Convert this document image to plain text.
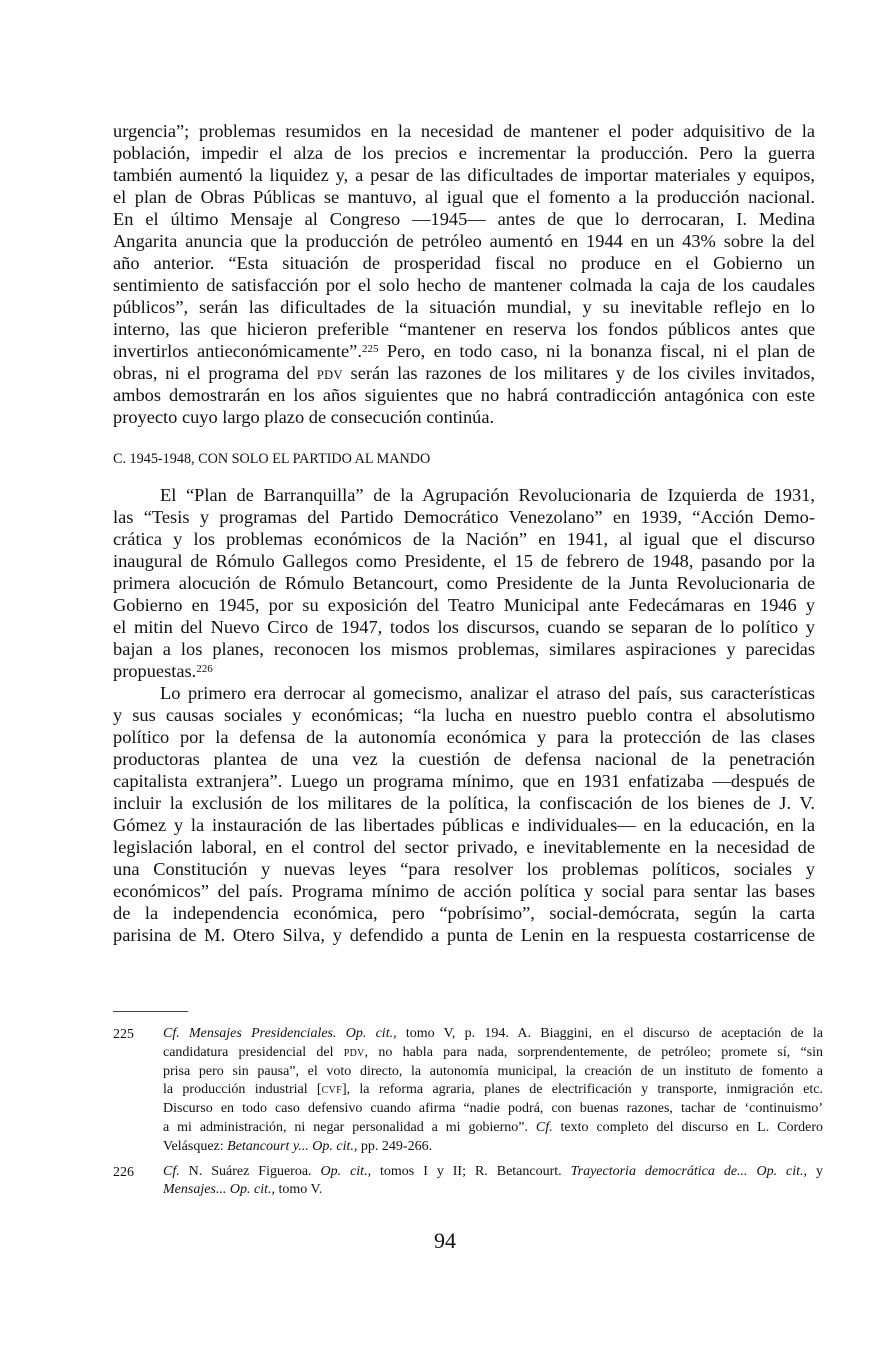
urgencia”; problemas resumidos en la necesidad de mantener el poder adquisitivo de la
población, impedir el alza de los precios e incrementar la producción. Pero la guerra
también aumentó la liquidez y, a pesar de las dificultades de importar materiales y equipos,
el plan de Obras Públicas se mantuvo, al igual que el fomento a la producción nacional.
En el último Mensaje al Congreso —1945— antes de que lo derrocaran, I. Medina
Angarita anuncia que la producción de petróleo aumentó en 1944 en un 43% sobre la del
año anterior. “Esta situación de prosperidad fiscal no produce en el Gobierno un
sentimiento de satisfacción por el solo hecho de mantener colmada la caja de los caudales
públicos”, serán las dificultades de la situación mundial, y su inevitable reflejo en lo
interno, las que hicieron preferible “mantener en reserva los fondos públicos antes que
invertirlos antieconómicamente”.$^{225}$ Pero, en todo caso, ni la bonanza fiscal, ni el plan de
obras, ni el programa del PDV serán las razones de los militares y de los civiles invitados,
ambos demostrarán en los años siguientes que no habrá contradicción antagónica con este
proyecto cuyo largo plazo de consecución continúa.
C. 1945-1948, CON SOLO EL PARTIDO AL MANDO
El “Plan de Barranquilla” de la Agrupación Revolucionaria de Izquierda de 1931,
las “Tesis y programas del Partido Democrático Venezolano” en 1939, “Acción Demo-
crática y los problemas económicos de la Nación” en 1941, al igual que el discurso
inaugural de Rómulo Gallegos como Presidente, el 15 de febrero de 1948, pasando por la
primera alocución de Rómulo Betancourt, como Presidente de la Junta Revolucionaria de
Gobierno en 1945, por su exposición del Teatro Municipal ante Fedecámaras en 1946 y
el mitin del Nuevo Circo de 1947, todos los discursos, cuando se separan de lo político y
bajan a los planes, reconocen los mismos problemas, similares aspiraciones y parecidas
propuestas.$^{226}$
Lo primero era derrocar al gomecismo, analizar el atraso del país, sus características
y sus causas sociales y económicas; “la lucha en nuestro pueblo contra el absolutismo
político por la defensa de la autonomía económica y para la protección de las clases
productoras plantea de una vez la cuestión de defensa nacional de la penetración
capitalista extranjera”. Luego un programa mínimo, que en 1931 enfatizaba —después de
incluir la exclusión de los militares de la política, la confiscación de los bienes de J. V.
Gómez y la instauración de las libertades públicas e individuales— en la educación, en la
legislación laboral, en el control del sector privado, e inevitablemente en la necesidad de
una Constitución y nuevas leyes “para resolver los problemas políticos, sociales y
económicos” del país. Programa mínimo de acción política y social para sentar las bases
de la independencia económica, pero “pobrísimo”, social-demócrata, según la carta
parisina de M. Otero Silva, y defendido a punta de Lenin en la respuesta costarricense de
225 Cf. Mensajes Presidenciales. Op. cit., tomo V, p. 194. A. Biaggini, en el discurso de aceptación de la
candidatura presidencial del PDV, no habla para nada, sorprendentemente, de petróleo; promete sí, “sin
prisa pero sin pausa”, el voto directo, la autonomía municipal, la creación de un instituto de fomento a
la producción industrial [CVF], la reforma agraria, planes de electrificación y transporte, inmigración etc.
Discurso en todo caso defensivo cuando afirma “nadie podrá, con buenas razones, tachar de ‘continuismo’
a mi administración, ni negar personalidad a mi gobierno”. Cf. texto completo del discurso en L. Cordero
Velásquez: Betancourt y... Op. cit., pp. 249-266.
226 Cf. N. Suárez Figueroa. Op. cit., tomos I y II; R. Betancourt. Trayectoria democrática de... Op. cit., y
Mensajes... Op. cit., tomo V.
94
